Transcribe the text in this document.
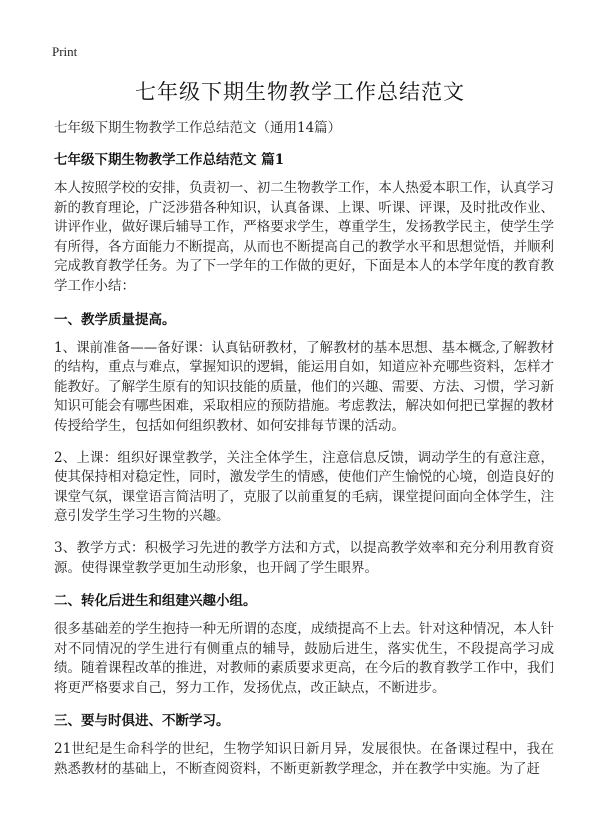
Print
七年级下期生物教学工作总结范文

七年级下期生物教学工作总结范文（通用14篇）

七年级下期生物教学工作总结范文 篇1

本人按照学校的安排，负责初一、初二生物教学工作，本人热爱本职工作，认真学习新的教育理论，广泛涉猎各种知识，认真备课、上课、听课、评课，及时批改作业、讲评作业，做好课后辅导工作，严格要求学生，尊重学生，发扬教学民主，使学生学有所得，各方面能力不断提高，从而也不断提高自己的教学水平和思想觉悟，并顺利完成教育教学任务。为了下一学年的工作做的更好，下面是本人的本学年度的教育教学工作小结：

一、教学质量提高。

1、课前准备——备好课：认真钻研教材，了解教材的基本思想、基本概念,了解教材的结构，重点与难点，掌握知识的逻辑，能运用自如，知道应补充哪些资料，怎样才能教好。了解学生原有的知识技能的质量，他们的兴趣、需要、方法、习惯，学习新知识可能会有哪些困难，采取相应的预防措施。考虑教法，解决如何把已掌握的教材传授给学生，包括如何组织教材、如何安排每节课的活动。

2、上课：组织好课堂教学，关注全体学生，注意信息反馈，调动学生的有意注意，使其保持相对稳定性，同时，激发学生的情感，使他们产生愉悦的心境，创造良好的课堂气氛，课堂语言简洁明了，克服了以前重复的毛病，课堂提问面向全体学生，注意引发学生学习生物的兴趣。

3、教学方式：积极学习先进的教学方法和方式，以提高教学效率和充分利用教育资源。使得课堂教学更加生动形象，也开阔了学生眼界。

二、转化后进生和组建兴趣小组。

很多基础差的学生抱持一种无所谓的态度，成绩提高不上去。针对这种情况，本人针对不同情况的学生进行有侧重点的辅导，鼓励后进生，落实优生，不段提高学习成绩。随着课程改革的推进，对教师的素质要求更高，在今后的教育教学工作中，我们将更严格要求自己，努力工作，发扬优点，改正缺点，不断进步。

三、要与时俱进、不断学习。

21世纪是生命科学的世纪，生物学知识日新月异，发展很快。在备课过程中，我在熟悉教材的基础上，不断查阅资料，不断更新教学理念，并在教学中实施。为了赶
